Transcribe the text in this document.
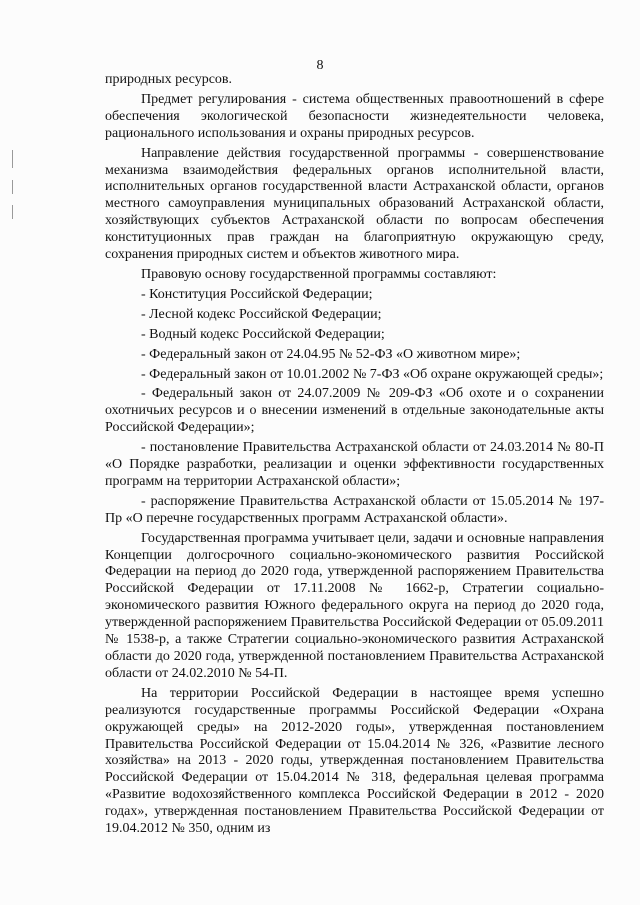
8

природных ресурсов.

Предмет регулирования - система общественных правоотношений в сфере обеспечения экологической безопасности жизнедеятельности человека, рационального использования и охраны природных ресурсов.

Направление действия государственной программы - совершенствование механизма взаимодействия федеральных органов исполнительной власти, исполнительных органов государственной власти Астраханской области, органов местного самоуправления муниципальных образований Астраханской области, хозяйствующих субъектов Астраханской области по вопросам обеспечения конституционных прав граждан на благоприятную окружающую среду, сохранения природных систем и объектов животного мира.

Правовую основу государственной программы составляют:

- Конституция Российской Федерации;

- Лесной кодекс Российской Федерации;

- Водный кодекс Российской Федерации;

- Федеральный закон от 24.04.95 № 52-ФЗ «О животном мире»;

- Федеральный закон от 10.01.2002 № 7-ФЗ «Об охране окружающей среды»;

- Федеральный закон от 24.07.2009 № 209-ФЗ «Об охоте и о сохранении охотничьих ресурсов и о внесении изменений в отдельные законодательные акты Российской Федерации»;

- постановление Правительства Астраханской области от 24.03.2014 № 80-П «О Порядке разработки, реализации и оценки эффективности государственных программ на территории Астраханской области»;

- распоряжение Правительства Астраханской области от 15.05.2014 № 197-Пр «О перечне государственных программ Астраханской области».

Государственная программа учитывает цели, задачи и основные направления Концепции долгосрочного социально-экономического развития Российской Федерации на период до 2020 года, утвержденной распоряжением Правительства Российской Федерации от 17.11.2008 № 1662-р, Стратегии социально-экономического развития Южного федерального округа на период до 2020 года, утвержденной распоряжением Правительства Российской Федерации от 05.09.2011 № 1538-р, а также Стратегии социально-экономического развития Астраханской области до 2020 года, утвержденной постановлением Правительства Астраханской области от 24.02.2010 № 54-П.

На территории Российской Федерации в настоящее время успешно реализуются государственные программы Российской Федерации «Охрана окружающей среды» на 2012-2020 годы», утвержденная постановлением Правительства Российской Федерации от 15.04.2014 № 326, «Развитие лесного хозяйства» на 2013 - 2020 годы, утвержденная постановлением Правительства Российской Федерации от 15.04.2014 № 318, федеральная целевая программа «Развитие водохозяйственного комплекса Российской Федерации в 2012 - 2020 годах», утвержденная постановлением Правительства Российской Федерации от 19.04.2012 № 350, одним из
